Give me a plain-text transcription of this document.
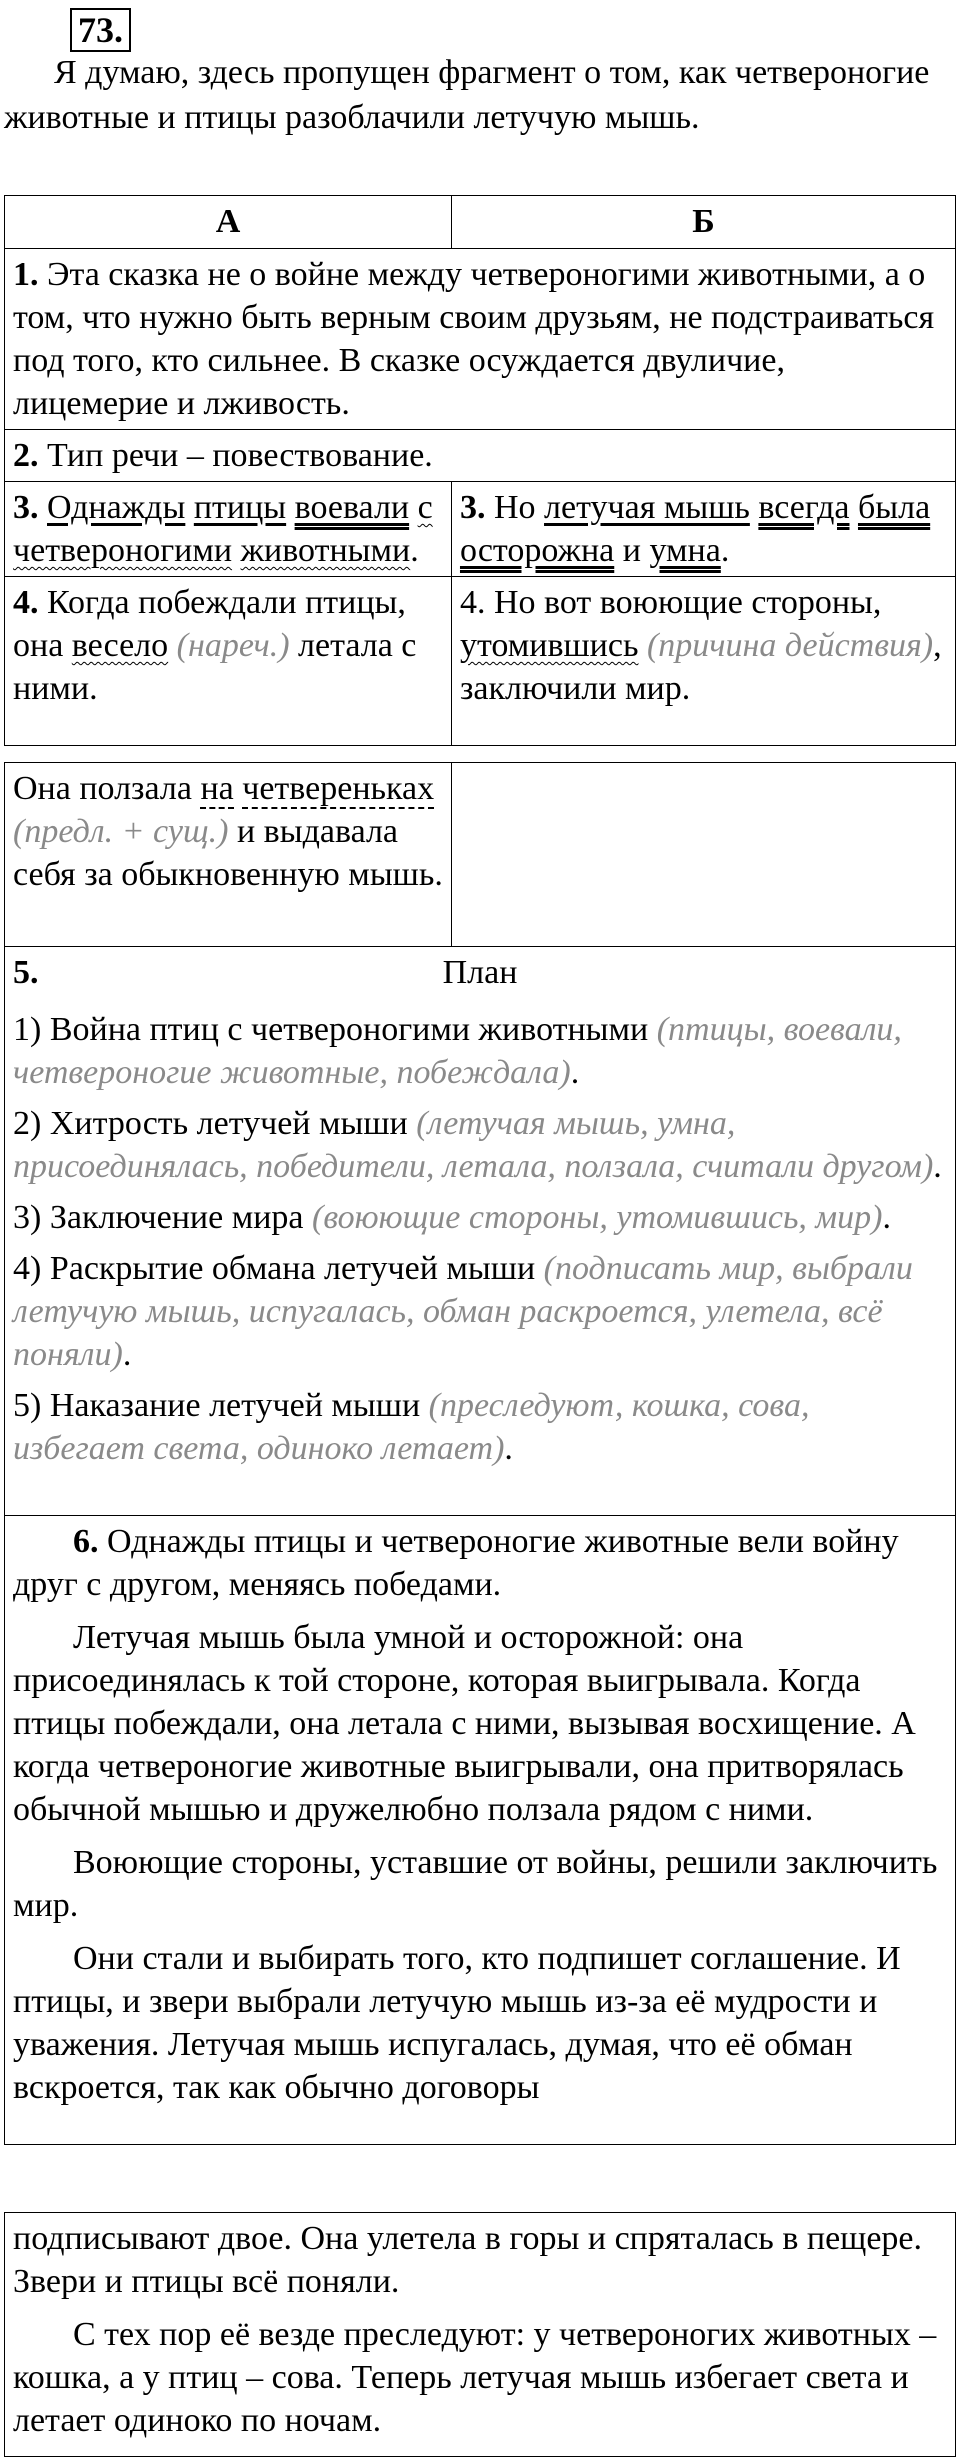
73.
Я думаю, здесь пропущен фрагмент о том, как четвероногие животные и птицы разоблачили летучую мышь.
А	Б
1. Эта сказка не о войне между четвероногими животными, а о том, что нужно быть верным своим друзьям, не подстраиваться под того, кто сильнее. В сказке осуждается двуличие, лицемерие и лживость.	
2. Тип речи – повествование.	
3. Однажды птицы воевали с четвероногими животными.	3. Но летучая мышь всегда была осторожна и умна.
4. Когда побеждали птицы, она весело (нареч.) летала с ними.	4. Но вот воюющие стороны, утомившись (причина действия), заключили мир.
Она ползала на четвереньках (предл. + сущ.) и выдавала себя за обыкновенную мышь.	

5.	План

1) Война птиц с четвероногими животными (птицы, воевали, четвероногие животные, побеждала).

2) Хитрость летучей мыши (летучая мышь, умна, присоединялась, победители, летала, ползала, считали другом).

3) Заключение мира (воюющие стороны, утомившись, мир).

4) Раскрытие обмана летучей мыши (подписать мир, выбрали летучую мышь, испугалась, обман раскроется, улетела, всё поняли).

5) Наказание летучей мыши (преследуют, кошка, сова, избегает света, одиноко летает).

6. Однажды птицы и четвероногие животные вели войну друг с другом, меняясь победами.

Летучая мышь была умной и осторожной: она присоединялась к той стороне, которая выигрывала. Когда птицы побеждали, она летала с ними, вызывая восхищение. А когда четвероногие животные выигрывали, она притворялась обычной мышью и дружелюбно ползала рядом с ними.

Воюющие стороны, уставшие от войны, решили заключить мир.

Они стали и выбирать того, кто подпишет соглашение. И птицы, и звери выбрали летучую мышь из-за её мудрости и уважения. Летучая мышь испугалась, думая, что её обман вскроется, так как обычно договоры

подписывают двое. Она улетела в горы и спряталась в пещере. Звери и птицы всё поняли.

С тех пор её везде преследуют: у четвероногих животных – кошка, а у птиц – сова. Теперь летучая мышь избегает света и летает одиноко по ночам.
